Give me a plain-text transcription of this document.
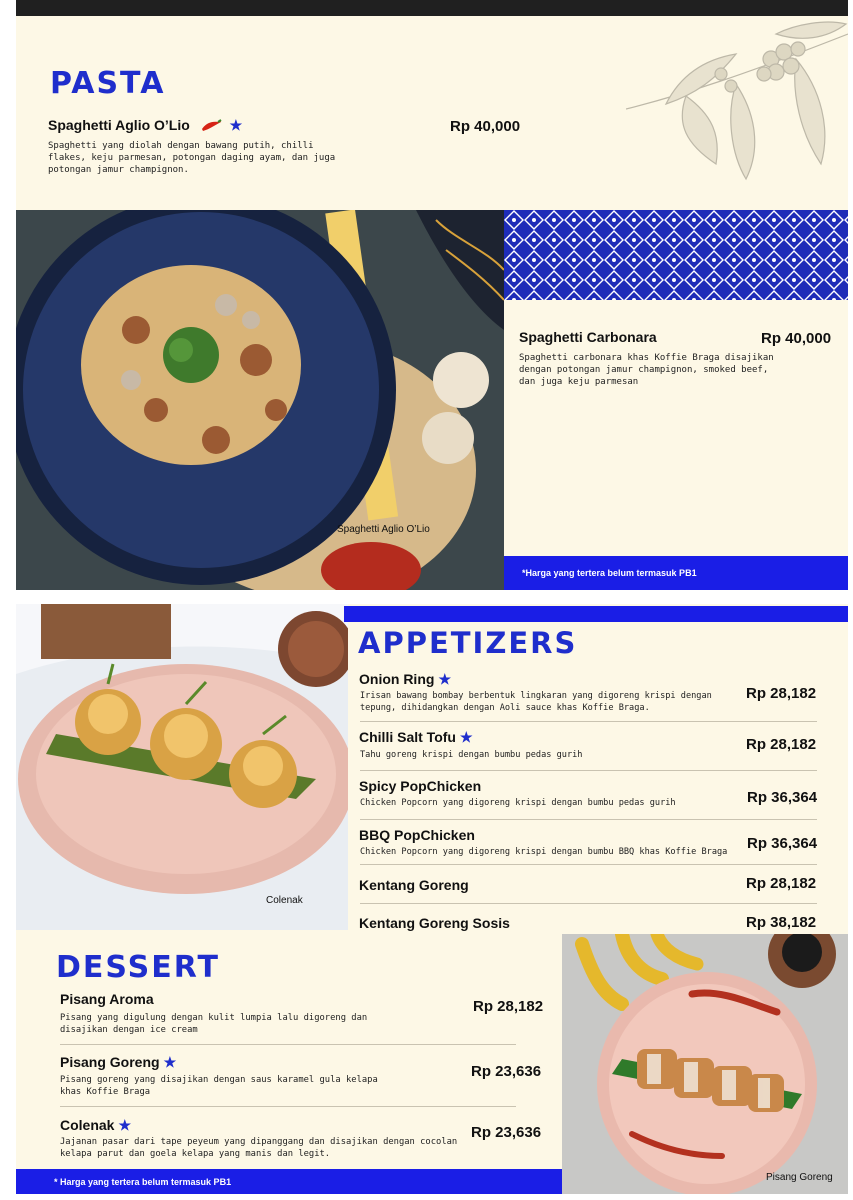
PASTA
Spaghetti Aglio O’Lio	★	Rp 40,000
Spaghetti yang diolah dengan bawang putih, chilli flakes, keju parmesan, potongan daging ayam, dan juga potongan jamur champignon.
Spaghetti Aglio O’Lio
Spaghetti Carbonara	Rp 40,000
Spaghetti carbonara khas Koffie Braga disajikan dengan potongan jamur champignon, smoked beef, dan juga keju parmesan
*Harga yang tertera belum termasuk PB1
Colenak
APPETIZERS
Onion Ring ★
Irisan bawang bombay berbentuk lingkaran yang digoreng krispi dengan tepung, dihidangkan dengan Aoli sauce khas Koffie Braga.
Rp 28,182
Chilli Salt Tofu ★
Tahu goreng krispi dengan bumbu pedas gurih
Rp 28,182
Spicy PopChicken
Chicken Popcorn yang digoreng krispi dengan bumbu pedas gurih	Rp 36,364
BBQ PopChicken
Chicken Popcorn yang digoreng krispi dengan bumbu BBQ khas Koffie Braga	Rp 36,364
Kentang Goreng	Rp 28,182
Kentang Goreng Sosis	Rp 38,182
DESSERT
Pisang Aroma
Pisang yang digulung dengan kulit lumpia lalu digoreng dan disajikan dengan ice cream
Rp 28,182
Pisang Goreng ★
Pisang goreng yang disajikan dengan saus karamel gula kelapa khas Koffie Braga
Rp 23,636
Colenak ★
Jajanan pasar dari tape peyeum yang dipanggang dan disajikan dengan cocolan kelapa parut dan goela kelapa yang manis dan legit.
Rp 23,636
* Harga yang tertera belum termasuk PB1	Pisang Goreng
